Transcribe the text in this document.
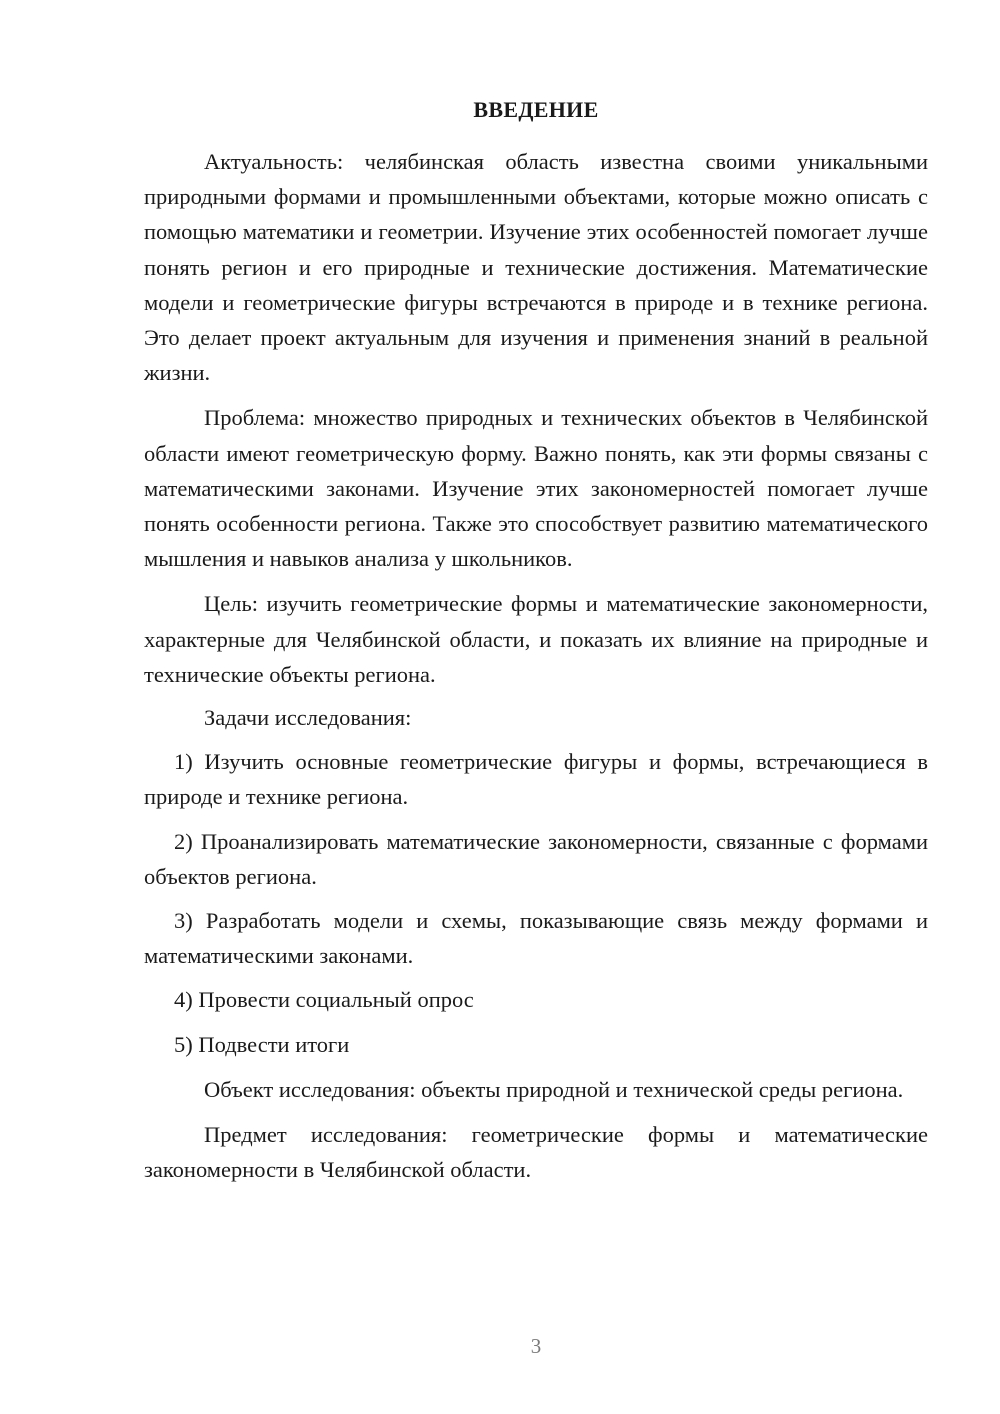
ВВЕДЕНИЕ

Актуальность: челябинская область известна своими уникальными природными формами и промышленными объектами, которые можно описать с помощью математики и геометрии. Изучение этих особенностей помогает лучше понять регион и его природные и технические достижения. Математические модели и геометрические фигуры встречаются в природе и в технике региона. Это делает проект актуальным для изучения и применения знаний в реальной жизни.

Проблема: множество природных и технических объектов в Челябинской области имеют геометрическую форму. Важно понять, как эти формы связаны с математическими законами. Изучение этих закономерностей помогает лучше понять особенности региона. Также это способствует развитию математического мышления и навыков анализа у школьников.

Цель: изучить геометрические формы и математические закономерности, характерные для Челябинской области, и показать их влияние на природные и технические объекты региона.

Задачи исследования:

1) Изучить основные геометрические фигуры и формы, встречающиеся в природе и технике региона.

2) Проанализировать математические закономерности, связанные с формами объектов региона.

3) Разработать модели и схемы, показывающие связь между формами и математическими законами.

4) Провести социальный опрос

5) Подвести итоги

Объект исследования: объекты природной и технической среды региона.

Предмет исследования: геометрические формы и математические закономерности в Челябинской области.

3
